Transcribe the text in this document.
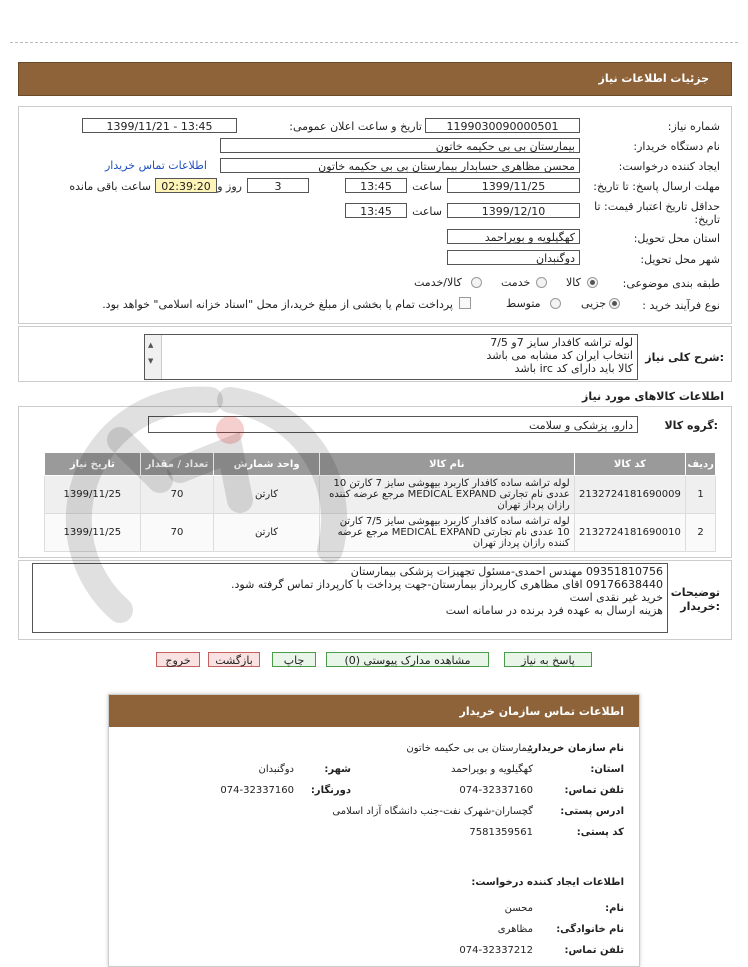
جزئیات اطلاعات نیاز
شماره نیاز:
1199030090000501
تاریخ و ساعت اعلان عمومی:
1399/11/21 - 13:45
نام دستگاه خریدار:
بیمارستان بی بی حکیمه خاتون
ایجاد کننده درخواست:
محسن مظاهری حسابدار بیمارستان بی بی حکیمه خاتون
اطلاعات تماس خریدار
مهلت ارسال پاسخ: تا تاریخ:
1399/11/25
ساعت
13:45
3
روز و
02:39:20
ساعت باقی مانده
حداقل تاریخ اعتبار قیمت: تا تاریخ:
1399/12/10
ساعت
13:45
استان محل تحویل:
کهگیلویه و بویراحمد
شهر محل تحویل:
دوگنبدان
طبقه بندی موضوعی:
کالا
خدمت
کالا/خدمت
نوع فرآیند خرید :
جزیی
متوسط
پرداخت تمام یا بخشی از مبلغ خرید،از محل "اسناد خزانه اسلامی" خواهد بود.
شرح کلی نیاز:
▲
▼
لوله تراشه کافدار سایز 7و 7/5
انتخاب ایران کد مشابه می باشد
کالا باید دارای کد irc باشد
اطلاعات کالاهای مورد نیاز
گروه کالا:
دارو، پزشکی و سلامت
ردیف	کد کالا	نام کالا	واحد شمارش	تعداد / مقدار	تاریخ نیاز
1	2132724181690009	لوله تراشه ساده کافدار کاربرد بیهوشی سایز 7 کارتن 10 عددی نام تجارتی MEDICAL EXPAND مرجع عرضه کننده رازان پرداز تهران	کارتن	70	1399/11/25
2	2132724181690010	لوله تراشه ساده کافدار کاربرد بیهوشی سایز 7/5 کارتن 10 عددی نام تجارتی MEDICAL EXPAND مرجع عرضه کننده رازان پرداز تهران	کارتن	70	1399/11/25
توضیحات خریدار:
09351810756 مهندس احمدی-مسئول تجهیزات پزشکی بیمارستان
09176638440 اقای مظاهری کارپرداز بیمارستان-جهت پرداخت با کارپرداز تماس گرفته شود.
خرید غیر نقدی است
هزینه ارسال به عهده فرد برنده در سامانه است
پاسخ به نیاز
مشاهده مدارک پیوستی (0)
چاپ
بازگشت
خروج
اطلاعات تماس سازمان خریدار
نام سازمان خریدار:
بیمارستان بی بی حکیمه خاتون
استان:
کهگیلویه و بویراحمد
شهر:
دوگنبدان
تلفن تماس:
074-32337160
دورنگار:
074-32337160
ادرس پستی:
گچساران-شهرک نفت-جنب دانشگاه آزاد اسلامی
کد پستی:
7581359561
اطلاعات ایجاد کننده درخواست:
نام:
محسن
نام خانوادگی:
مظاهری
تلفن تماس:
074-32337212
